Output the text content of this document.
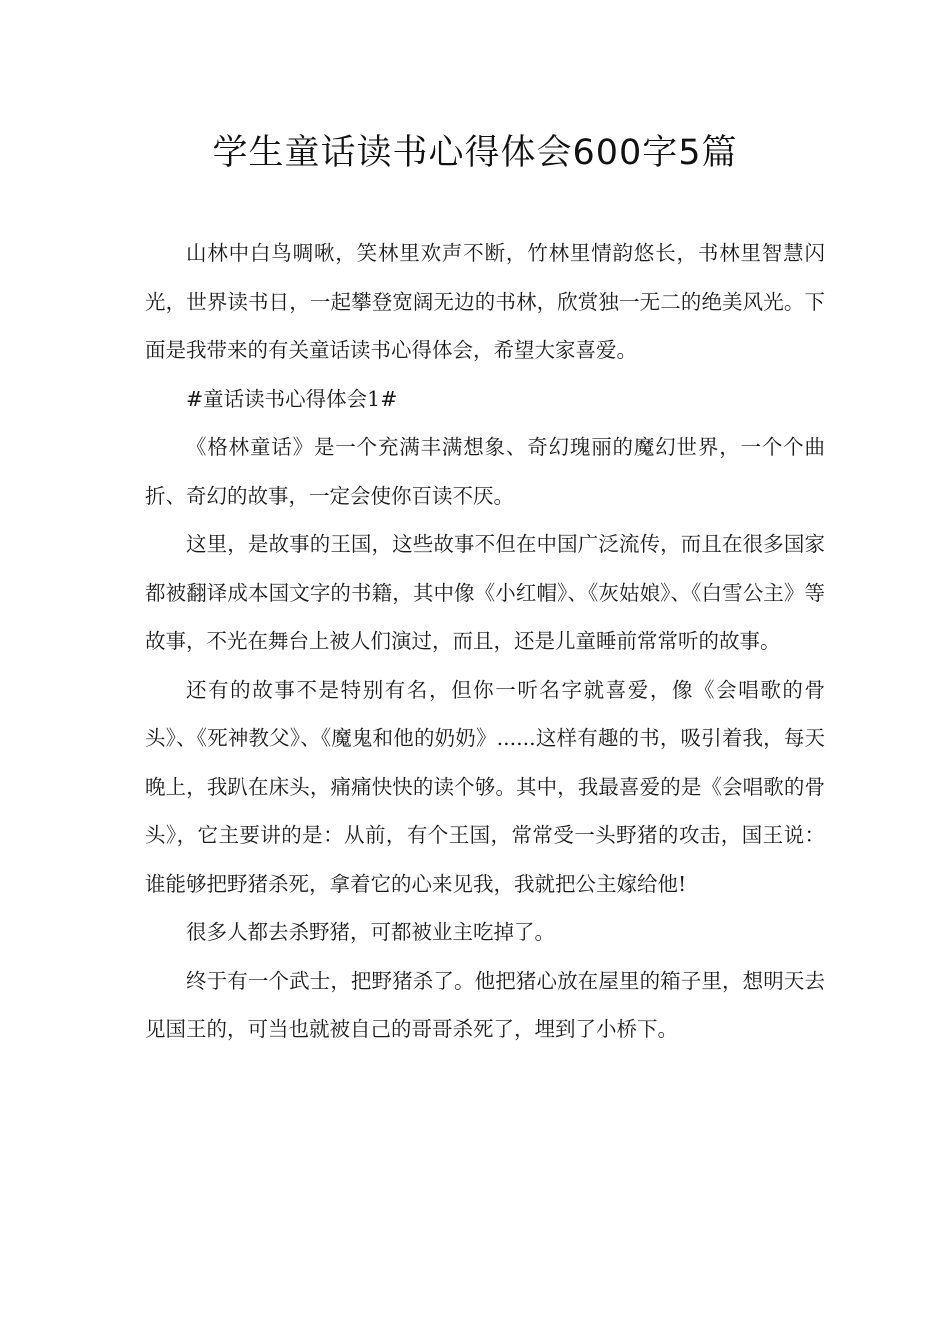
学生童话读书心得体会600字5篇

山林中白鸟啁啾，笑林里欢声不断，竹林里情韵悠长，书林里智慧闪光，世界读书日，一起攀登宽阔无边的书林，欣赏独一无二的绝美风光。下面是我带来的有关童话读书心得体会，希望大家喜爱。

#童话读书心得体会1#

《格林童话》是一个充满丰满想象、奇幻瑰丽的魔幻世界，一个个曲折、奇幻的故事，一定会使你百读不厌。

这里，是故事的王国，这些故事不但在中国广泛流传，而且在很多国家都被翻译成本国文字的书籍，其中像《小红帽》、《灰姑娘》、《白雪公主》等故事，不光在舞台上被人们演过，而且，还是儿童睡前常常听的故事。

还有的故事不是特别有名，但你一听名字就喜爱，像《会唱歌的骨头》、《死神教父》、《魔鬼和他的奶奶》......这样有趣的书，吸引着我，每天晚上，我趴在床头，痛痛快快的读个够。其中，我最喜爱的是《会唱歌的骨头》，它主要讲的是：从前，有个王国，常常受一头野猪的攻击，国王说：谁能够把野猪杀死，拿着它的心来见我，我就把公主嫁给他!

很多人都去杀野猪，可都被业主吃掉了。

终于有一个武士，把野猪杀了。他把猪心放在屋里的箱子里，想明天去见国王的，可当也就被自己的哥哥杀死了，埋到了小桥下。
